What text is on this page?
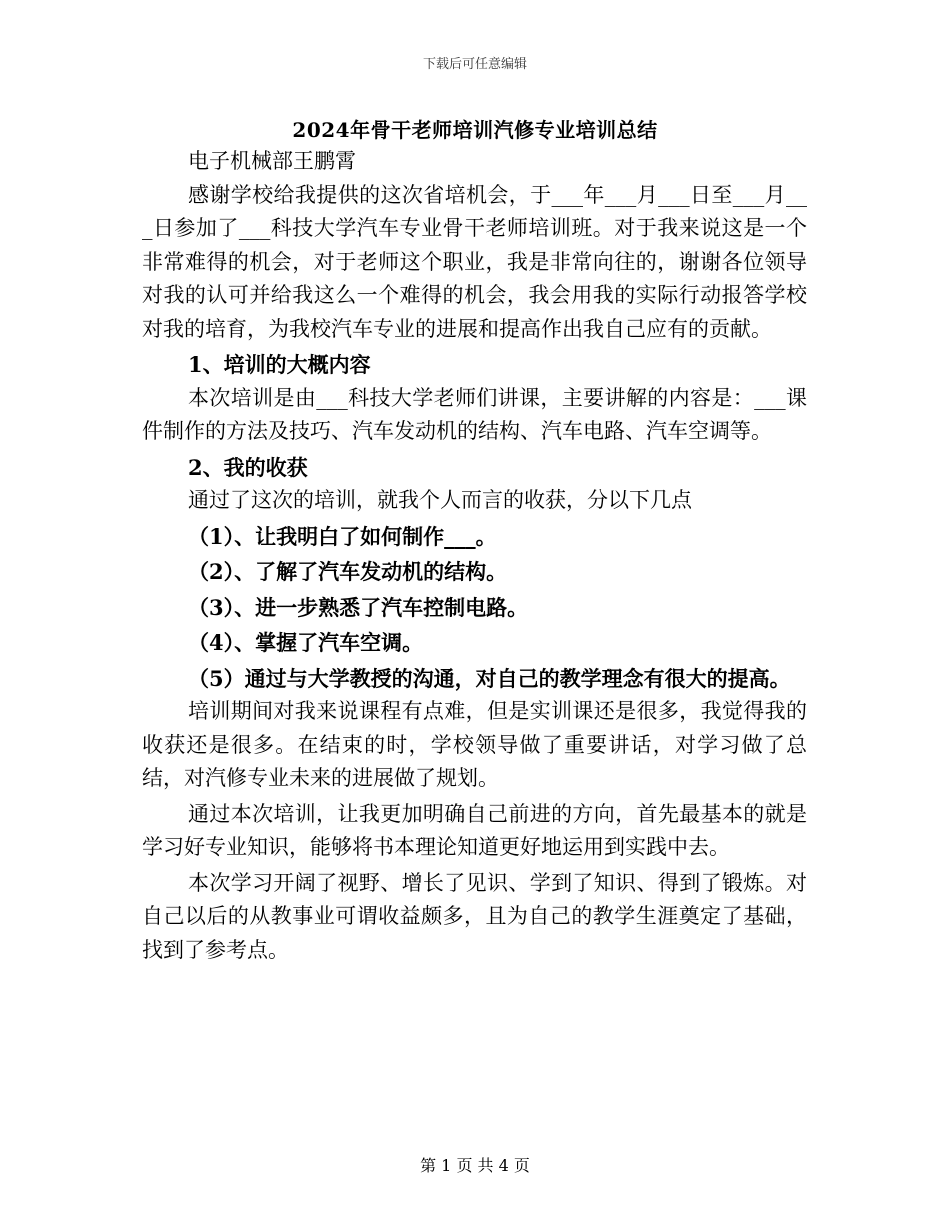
下载后可任意编辑
2024年骨干老师培训汽修专业培训总结

电子机械部王鹏霄

感谢学校给我提供的这次省培机会，于___年___月___日至___月___日参加了___科技大学汽车专业骨干老师培训班。对于我来说这是一个非常难得的机会，对于老师这个职业，我是非常向往的，谢谢各位领导对我的认可并给我这么一个难得的机会，我会用我的实际行动报答学校对我的培育，为我校汽车专业的进展和提高作出我自己应有的贡献。

1、培训的大概内容

本次培训是由___科技大学老师们讲课，主要讲解的内容是：___课件制作的方法及技巧、汽车发动机的结构、汽车电路、汽车空调等。

2、我的收获

通过了这次的培训，就我个人而言的收获，分以下几点

（1）、让我明白了如何制作___。

（2）、了解了汽车发动机的结构。

（3）、进一步熟悉了汽车控制电路。

（4）、掌握了汽车空调。

（5）通过与大学教授的沟通，对自己的教学理念有很大的提高。

培训期间对我来说课程有点难，但是实训课还是很多，我觉得我的收获还是很多。在结束的时，学校领导做了重要讲话，对学习做了总结，对汽修专业未来的进展做了规划。

通过本次培训，让我更加明确自己前进的方向，首先最基本的就是学习好专业知识，能够将书本理论知道更好地运用到实践中去。

本次学习开阔了视野、增长了见识、学到了知识、得到了锻炼。对自己以后的从教事业可谓收益颇多，且为自己的教学生涯奠定了基础，找到了参考点。

第 1 页 共 4 页
